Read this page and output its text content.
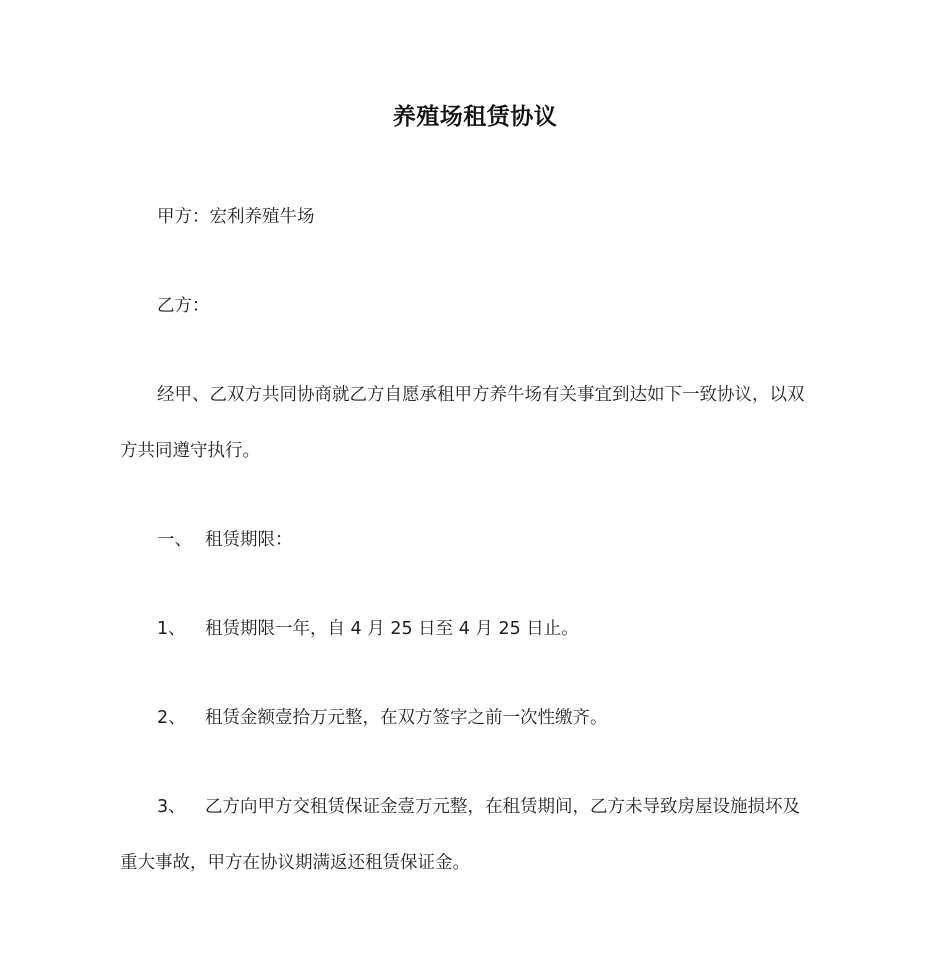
养殖场租赁协议
甲方：宏利养殖牛场
乙方：
经甲、乙双方共同协商就乙方自愿承租甲方养牛场有关事宜到达如下一致协议，以双
方共同遵守执行。
一、 租赁期限：
1、 租赁期限一年，自 4 月 25 日至 4 月 25 日止。
2、 租赁金额壹拾万元整，在双方签字之前一次性缴齐。
3、 乙方向甲方交租赁保证金壹万元整，在租赁期间，乙方未导致房屋设施损坏及
重大事故，甲方在协议期满返还租赁保证金。
